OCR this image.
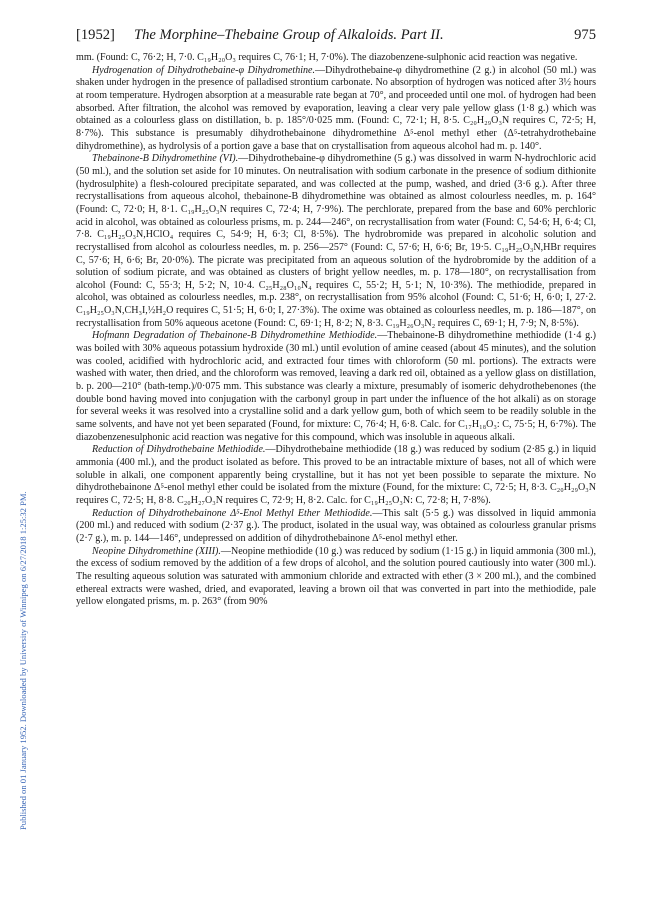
Published on 01 January 1952. Downloaded by University of Winnipeg on 6/27/2018 1:25:32 PM.
[1952] The Morphine–Thebaine Group of Alkaloids. Part II.	975

mm. (Found: C, 76·2; H, 7·0. C₁₉H₂₀O₃ requires C, 76·1; H, 7·0%). The diazobenzene-sulphonic acid reaction was negative.

Hydrogenation of Dihydrothebaine-φ Dihydromethine.—Dihydrothebaine-φ dihydromethine (2 g.) in alcohol (50 ml.) was shaken under hydrogen in the presence of palladised strontium carbonate. No absorption of hydrogen was noticed after 3½ hours at room temperature. Hydrogen absorption at a measurable rate began at 70°, and proceeded until one mol. of hydrogen had been absorbed. After filtration, the alcohol was removed by evaporation, leaving a clear very pale yellow glass (1·8 g.) which was obtained as a colourless glass on distillation, b. p. 185°/0·025 mm. (Found: C, 72·1; H, 8·5. C₂₀H₂₉O₃N requires C, 72·5; H, 8·7%). This substance is presumably dihydrothebainone dihydromethine Δ⁵-enol methyl ether (Δ⁵-tetrahydrothebaine dihydromethine), as hydrolysis of a portion gave a base that on crystallisation from aqueous alcohol had m. p. 140°.

Thebainone-B Dihydromethine (VI).—Dihydrothebaine-φ dihydromethine (5 g.) was dissolved in warm N-hydrochloric acid (50 ml.), and the solution set aside for 10 minutes. On neutralisation with sodium carbonate in the presence of sodium dithionite (hydrosulphite) a flesh-coloured precipitate separated, and was collected at the pump, washed, and dried (3·6 g.). After three recrystallisations from aqueous alcohol, thebainone-B dihydromethine was obtained as almost colourless needles, m. p. 164° (Found: C, 72·0; H, 8·1. C₁₉H₂₅O₃N requires C, 72·4; H, 7·9%). The perchlorate, prepared from the base and 60% perchloric acid in alcohol, was obtained as colourless prisms, m. p. 244—246°, on recrystallisation from water (Found: C, 54·6; H, 6·4; Cl, 7·8. C₁₉H₂₅O₃N,HClO₄ requires C, 54·9; H, 6·3; Cl, 8·5%). The hydrobromide was prepared in alcoholic solution and recrystallised from alcohol as colourless needles, m. p. 256—257° (Found: C, 57·6; H, 6·6; Br, 19·5. C₁₉H₂₅O₃N,HBr requires C, 57·6; H, 6·6; Br, 20·0%). The picrate was precipitated from an aqueous solution of the hydrobromide by the addition of a solution of sodium picrate, and was obtained as clusters of bright yellow needles, m. p. 178—180°, on recrystallisation from alcohol (Found: C, 55·3; H, 5·2; N, 10·4. C₂₅H₂₈O₁₀N₄ requires C, 55·2; H, 5·1; N, 10·3%). The methiodide, prepared in alcohol, was obtained as colourless needles, m.p. 238°, on recrystallisation from 95% alcohol (Found: C, 51·6; H, 6·0; I, 27·2. C₁₉H₂₅O₃N,CH₃I,½H₂O requires C, 51·5; H, 6·0; I, 27·3%). The oxime was obtained as colourless needles, m. p. 186—187°, on recrystallisation from 50% aqueous acetone (Found: C, 69·1; H, 8·2; N, 8·3. C₁₉H₂₆O₃N₂ requires C, 69·1; H, 7·9; N, 8·5%).

Hofmann Degradation of Thebainone-B Dihydromethine Methiodide.—Thebainone-B dihydromethine methiodide (1·4 g.) was boiled with 30% aqueous potassium hydroxide (30 ml.) until evolution of amine ceased (about 45 minutes), and the solution was cooled, acidified with hydrochloric acid, and extracted four times with chloroform (50 ml. portions). The extracts were washed with water, then dried, and the chloroform was removed, leaving a dark red oil, obtained as a yellow glass on distillation, b. p. 200—210° (bath-temp.)/0·075 mm. This substance was clearly a mixture, presumably of isomeric dehydrothebenones (the double bond having moved into conjugation with the carbonyl group in part under the influence of the hot alkali) as on storage for several weeks it was resolved into a crystalline solid and a dark yellow gum, both of which seem to be readily soluble in the same solvents, and have not yet been separated (Found, for mixture: C, 76·4; H, 6·8. Calc. for C₁₇H₁₈O₃: C, 75·5; H, 6·7%). The diazobenzenesulphonic acid reaction was negative for this compound, which was insoluble in aqueous alkali.

Reduction of Dihydrothebaine Methiodide.—Dihydrothebaine methiodide (18 g.) was reduced by sodium (2·85 g.) in liquid ammonia (400 ml.), and the product isolated as before. This proved to be an intractable mixture of bases, not all of which were soluble in alkali, one component apparently being crystalline, but it has not yet been possible to separate the mixture. No dihydrothebainone Δ⁵-enol methyl ether could be isolated from the mixture (Found, for the mixture: C, 72·5; H, 8·3. C₂₀H₂₉O₃N requires C, 72·5; H, 8·8. C₂₀H₂₇O₃N requires C, 72·9; H, 8·2. Calc. for C₁₉H₂₅O₃N: C, 72·8; H, 7·8%).

Reduction of Dihydrothebainone Δ⁵-Enol Methyl Ether Methiodide.—This salt (5·5 g.) was dissolved in liquid ammonia (200 ml.) and reduced with sodium (2·37 g.). The product, isolated in the usual way, was obtained as colourless granular prisms (2·7 g.), m. p. 144—146°, undepressed on addition of dihydrothebainone Δ⁵-enol methyl ether.

Neopine Dihydromethine (XIII).—Neopine methiodide (10 g.) was reduced by sodium (1·15 g.) in liquid ammonia (300 ml.), the excess of sodium removed by the addition of a few drops of alcohol, and the solution poured cautiously into water (300 ml.). The resulting aqueous solution was saturated with ammonium chloride and extracted with ether (3 × 200 ml.), and the combined ethereal extracts were washed, dried, and evaporated, leaving a brown oil that was converted in part into the methiodide, pale yellow elongated prisms, m. p. 263° (from 90%
